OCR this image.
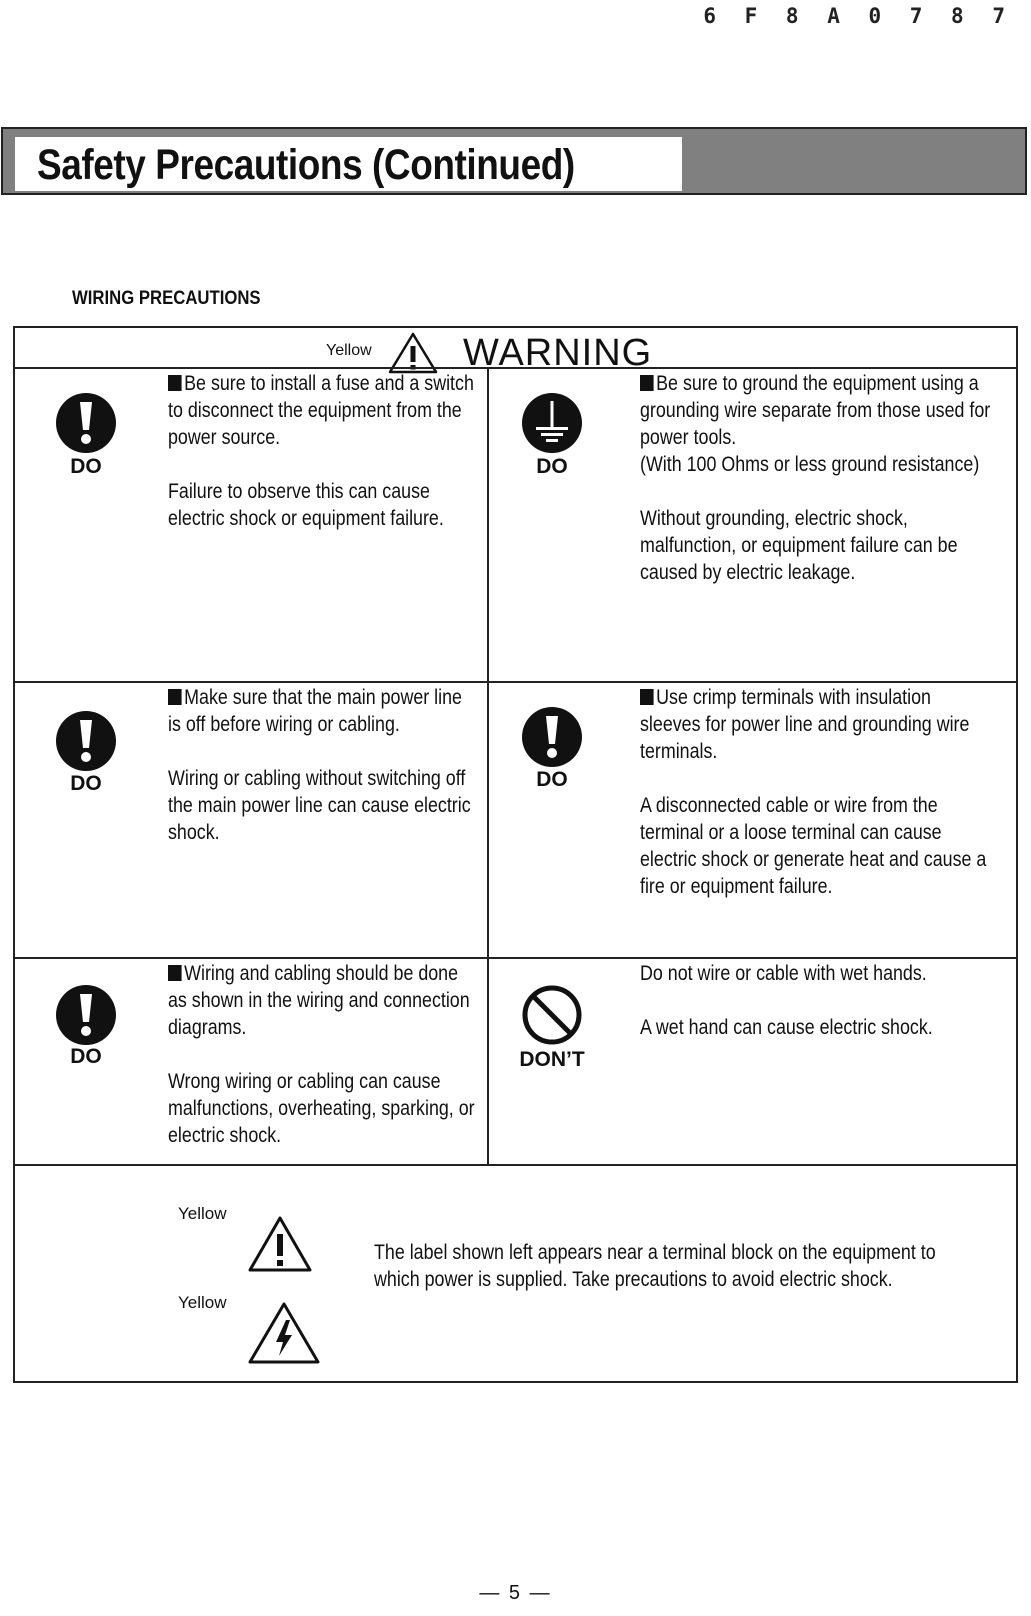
6 F 8 A 0 7 8 7
Safety Precautions (Continued)
WIRING PRECAUTIONS
Yellow WARNING
DO

Be sure to install a fuse and a switch
to disconnect the equipment from the
power source.

Failure to observe this can cause
electric shock or equipment failure.

DO

Be sure to ground the equipment using a
grounding wire separate from those used for
power tools.
(With 100 Ohms or less ground resistance)

Without grounding, electric shock,
malfunction, or equipment failure can be
caused by electric leakage.

DO

Make sure that the main power line
is off before wiring or cabling.

Wiring or cabling without switching off
the main power line can cause electric
shock.

DO

Use crimp terminals with insulation
sleeves for power line and grounding wire
terminals.

A disconnected cable or wire from the
terminal or a loose terminal can cause
electric shock or generate heat and cause a
fire or equipment failure.

DO

Wiring and cabling should be done
as shown in the wiring and connection
diagrams.

Wrong wiring or cabling can cause
malfunctions, overheating, sparking, or
electric shock.

DON’T

Do not wire or cable with wet hands.

A wet hand can cause electric shock.

Yellow
Yellow
The label shown left appears near a terminal block on the equipment to
which power is supplied. Take precautions to avoid electric shock.
— 5 —
